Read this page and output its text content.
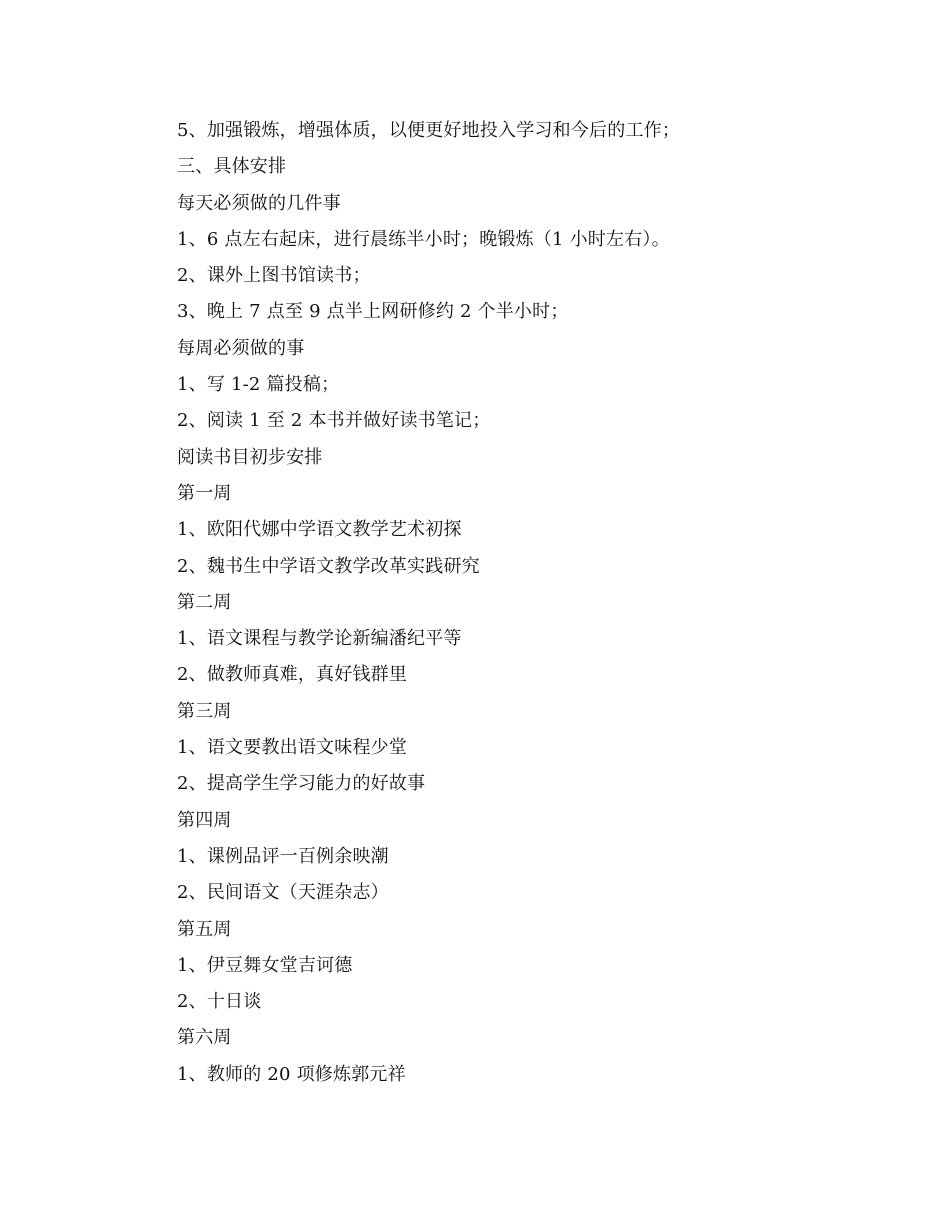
5、加强锻炼，增强体质，以便更好地投入学习和今后的工作；
三、具体安排
每天必须做的几件事
1、6 点左右起床，进行晨练半小时；晚锻炼（1 小时左右）。
2、课外上图书馆读书；
3、晚上 7 点至 9 点半上网研修约 2 个半小时；
每周必须做的事
1、写 1-2 篇投稿；
2、阅读 1 至 2 本书并做好读书笔记；
阅读书目初步安排
第一周
1、欧阳代娜中学语文教学艺术初探
2、魏书生中学语文教学改革实践研究
第二周
1、语文课程与教学论新编潘纪平等
2、做教师真难，真好钱群里
第三周
1、语文要教出语文味程少堂
2、提高学生学习能力的好故事
第四周
1、课例品评一百例余映潮
2、民间语文（天涯杂志）
第五周
1、伊豆舞女堂吉诃德
2、十日谈
第六周
1、教师的 20 项修炼郭元祥
